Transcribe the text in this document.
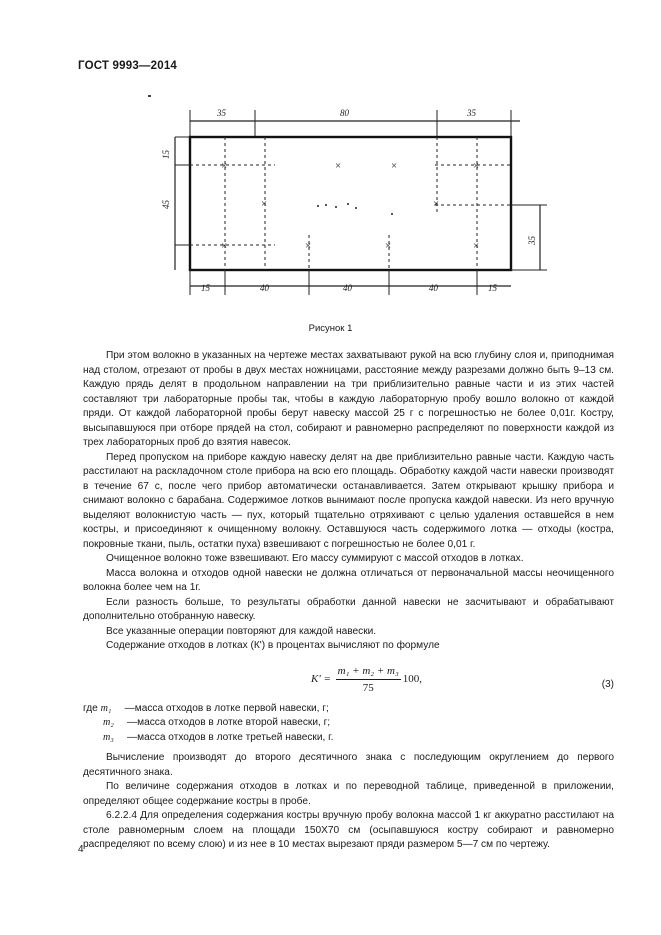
ГОСТ 9993—2014
35	80	35
15
45
35
15	40	40	40	15
×
×
×	×	×	×
×
×
×
×
Рисунок 1

При этом волокно в указанных на чертеже местах захватывают рукой на всю глубину слоя и, приподнимая над столом, отрезают от пробы в двух местах ножницами, расстояние между разрезами должно быть 9–13 см. Каждую прядь делят в продольном направлении на три приблизительно равные части и из этих частей составляют три лабораторные пробы так, чтобы в каждую лабораторную пробу вошло волокно от каждой пряди. От каждой лабораторной пробы берут навеску массой 25 г с погрешностью не более 0,01г. Костру, высыпавшуюся при отборе прядей на стол, собирают и равномерно распределяют по поверхности каждой из трех лабораторных проб до взятия навесок.

Перед пропуском на приборе каждую навеску делят на две приблизительно равные части. Каждую часть расстилают на раскладочном столе прибора на всю его площадь. Обработку каждой части навески производят в течение 67 с, после чего прибор автоматически останавливается. Затем открывают крышку прибора и снимают волокно с барабана. Содержимое лотков вынимают после пропуска каждой навески. Из него вручную выделяют волокнистую часть — пух, который тщательно отряхивают с целью удаления оставшейся в нем костры, и присоединяют к очищенному волокну. Оставшуюся часть содержимого лотка — отходы (костра, покровные ткани, пыль, остатки пуха) взвешивают с погрешностью не более 0,01 г.

Очищенное волокно тоже взвешивают. Его массу суммируют с массой отходов в лотках.

Масса волокна и отходов одной навески не должна отличаться от первоначальной массы неочищенного волокна более чем на 1г.

Если разность больше, то результаты обработки данной навески не засчитывают и обрабатывают дополнительно отобранную навеску.

Все указанные операции повторяют для каждой навески.

Содержание отходов в лотках (К') в процентах вычисляют по формуле

K' =
$\frac{\text{m₁ + m₂ + m₃}}{75} 100$,	(3)
где m₁ —масса отходов в лотке первой навески, г;
m₂ —масса отходов в лотке второй навески, г;
m₃ —масса отходов в лотке третьей навески, г.

Вычисление производят до второго десятичного знака с последующим округлением до первого десятичного знака.

По величине содержания отходов в лотках и по переводной таблице, приведенной в приложении, определяют общее содержание костры в пробе.

6.2.2.4 Для определения содержания костры вручную пробу волокна массой 1 кг аккуратно расстилают на столе равномерным слоем на площади 150Х70 см (осыпавшуюся костру собирают и равномерно распределяют по всему слою) и из нее в 10 местах вырезают пряди размером 5—7 см по чертежу.

4
